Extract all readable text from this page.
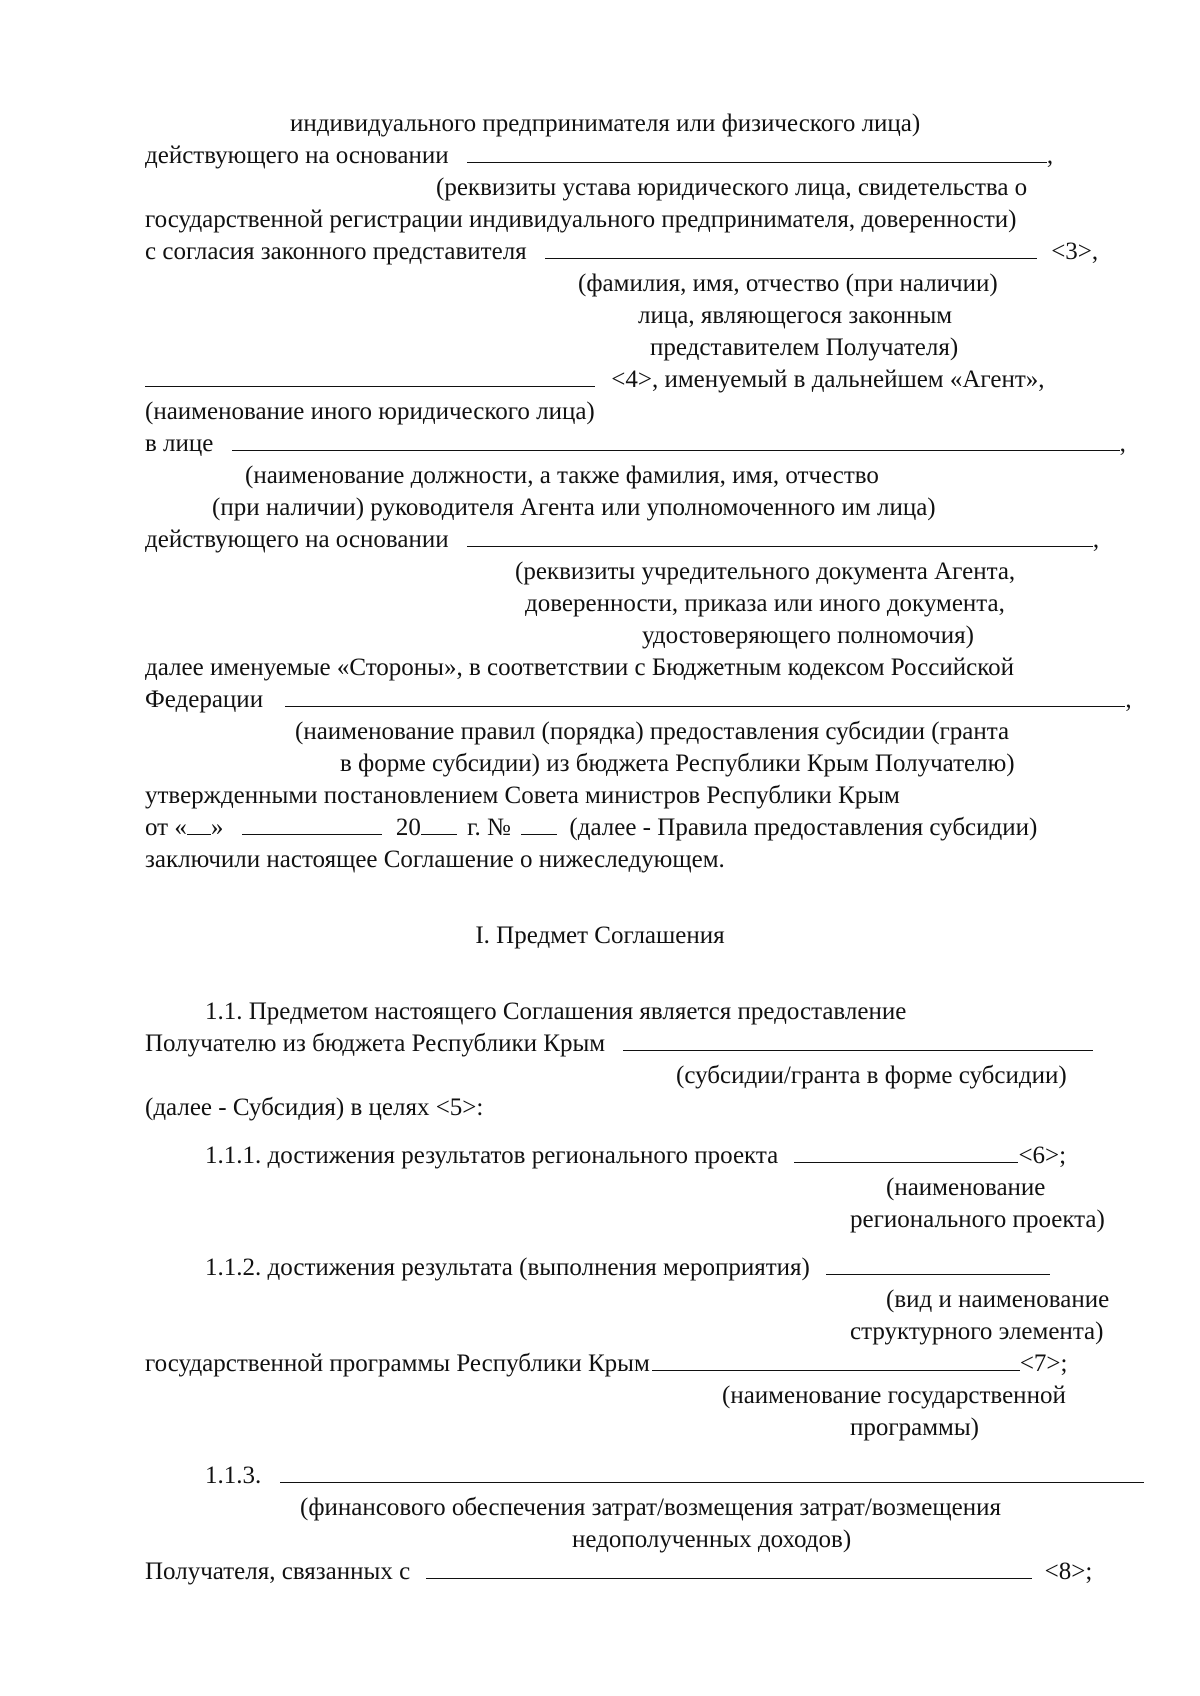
индивидуального предпринимателя или физического лица)
действующего на основании	,
(реквизиты устава юридического лица, свидетельства о
государственной регистрации индивидуального предпринимателя, доверенности)
с согласия законного представителя	<3>,
(фамилия, имя, отчество (при наличии)
лица, являющегося законным
представителем Получателя)
<4>, именуемый в дальнейшем «Агент»,
(наименование иного юридического лица)
в лице	,
(наименование должности, а также фамилия, имя, отчество
(при наличии) руководителя Агента или уполномоченного им лица)
действующего на основании	,
(реквизиты учредительного документа Агента,
доверенности, приказа или иного документа,
удостоверяющего полномочия)
далее именуемые «Стороны», в соответствии с Бюджетным кодексом Российской
Федерации	,
(наименование правил (порядка) предоставления субсидии (гранта
в форме субсидии) из бюджета Республики Крым Получателю)
утвержденными постановлением Совета министров Республики Крым
от « »	20 г. № (далее - Правила предоставления субсидии)
заключили настоящее Соглашение о нижеследующем.
I. Предмет Соглашения
1.1. Предметом настоящего Соглашения является предоставление
Получателю из бюджета Республики Крым
(субсидии/гранта в форме субсидии)
(далее - Субсидия) в целях <5>:
1.1.1. достижения результатов регионального проекта	<6>;
(наименование
регионального проекта)
1.1.2. достижения результата (выполнения мероприятия)
(вид и наименование
структурного элемента)
государственной программы Республики Крым	<7>;
(наименование государственной
программы)
1.1.3.
(финансового обеспечения затрат/возмещения затрат/возмещения
недополученных доходов)
Получателя, связанных с	<8>;
